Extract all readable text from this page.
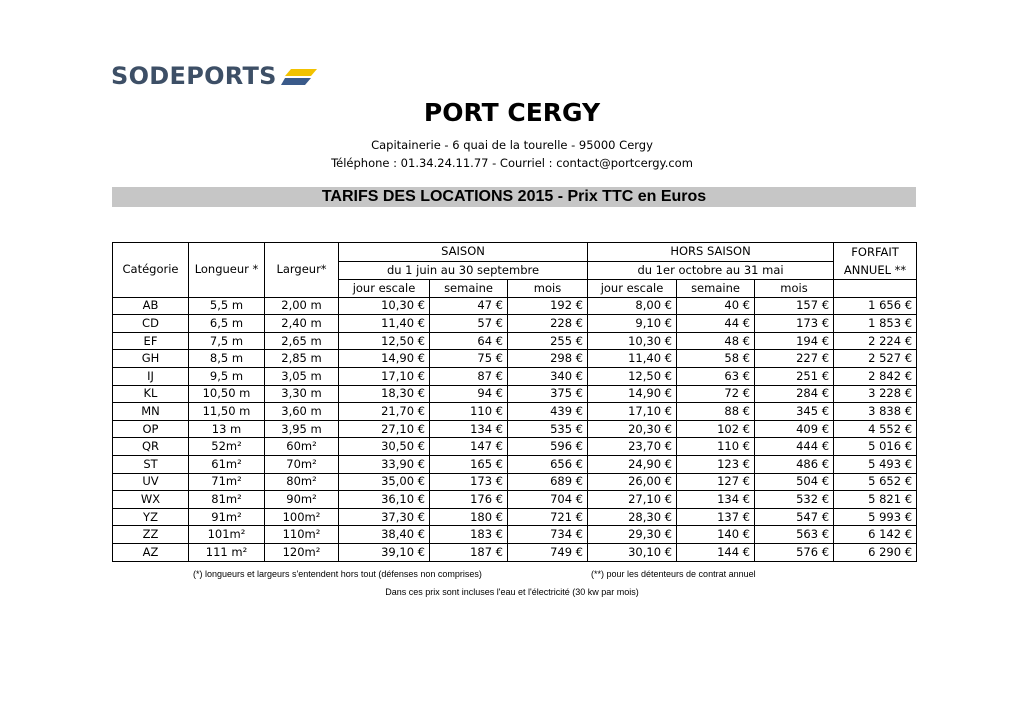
SODEPORTS
PORT CERGY
Capitainerie - 6 quai de la tourelle - 95000 Cergy
Téléphone : 01.34.24.11.77 - Courriel : contact@portcergy.com
TARIFS DES LOCATIONS 2015 - Prix TTC en Euros
Catégorie	Longueur *	Largeur*	SAISON			HORS SAISON			FORFAIT ANNUEL **
			du 1 juin au 30 septembre			du 1er octobre au 31 mai			
			jour escale	semaine	mois	jour escale	semaine	mois	
AB	5,5 m	2,00 m	10,30 €	47 €	192 €	8,00 €	40 €	157 €	1 656 €
CD	6,5 m	2,40 m	11,40 €	57 €	228 €	9,10 €	44 €	173 €	1 853 €
EF	7,5 m	2,65 m	12,50 €	64 €	255 €	10,30 €	48 €	194 €	2 224 €
GH	8,5 m	2,85 m	14,90 €	75 €	298 €	11,40 €	58 €	227 €	2 527 €
IJ	9,5 m	3,05 m	17,10 €	87 €	340 €	12,50 €	63 €	251 €	2 842 €
KL	10,50 m	3,30 m	18,30 €	94 €	375 €	14,90 €	72 €	284 €	3 228 €
MN	11,50 m	3,60 m	21,70 €	110 €	439 €	17,10 €	88 €	345 €	3 838 €
OP	13 m	3,95 m	27,10 €	134 €	535 €	20,30 €	102 €	409 €	4 552 €
QR	52m²	60m²	30,50 €	147 €	596 €	23,70 €	110 €	444 €	5 016 €
ST	61m²	70m²	33,90 €	165 €	656 €	24,90 €	123 €	486 €	5 493 €
UV	71m²	80m²	35,00 €	173 €	689 €	26,00 €	127 €	504 €	5 652 €
WX	81m²	90m²	36,10 €	176 €	704 €	27,10 €	134 €	532 €	5 821 €
YZ	91m²	100m²	37,30 €	180 €	721 €	28,30 €	137 €	547 €	5 993 €
ZZ	101m²	110m²	38,40 €	183 €	734 €	29,30 €	140 €	563 €	6 142 €
AZ	111 m²	120m²	39,10 €	187 €	749 €	30,10 €	144 €	576 €	6 290 €
(*) longueurs et largeurs s'entendent hors tout (défenses non comprises)	(**) pour les détenteurs de contrat annuel
Dans ces prix sont incluses l'eau et l'électricité (30 kw par mois)
